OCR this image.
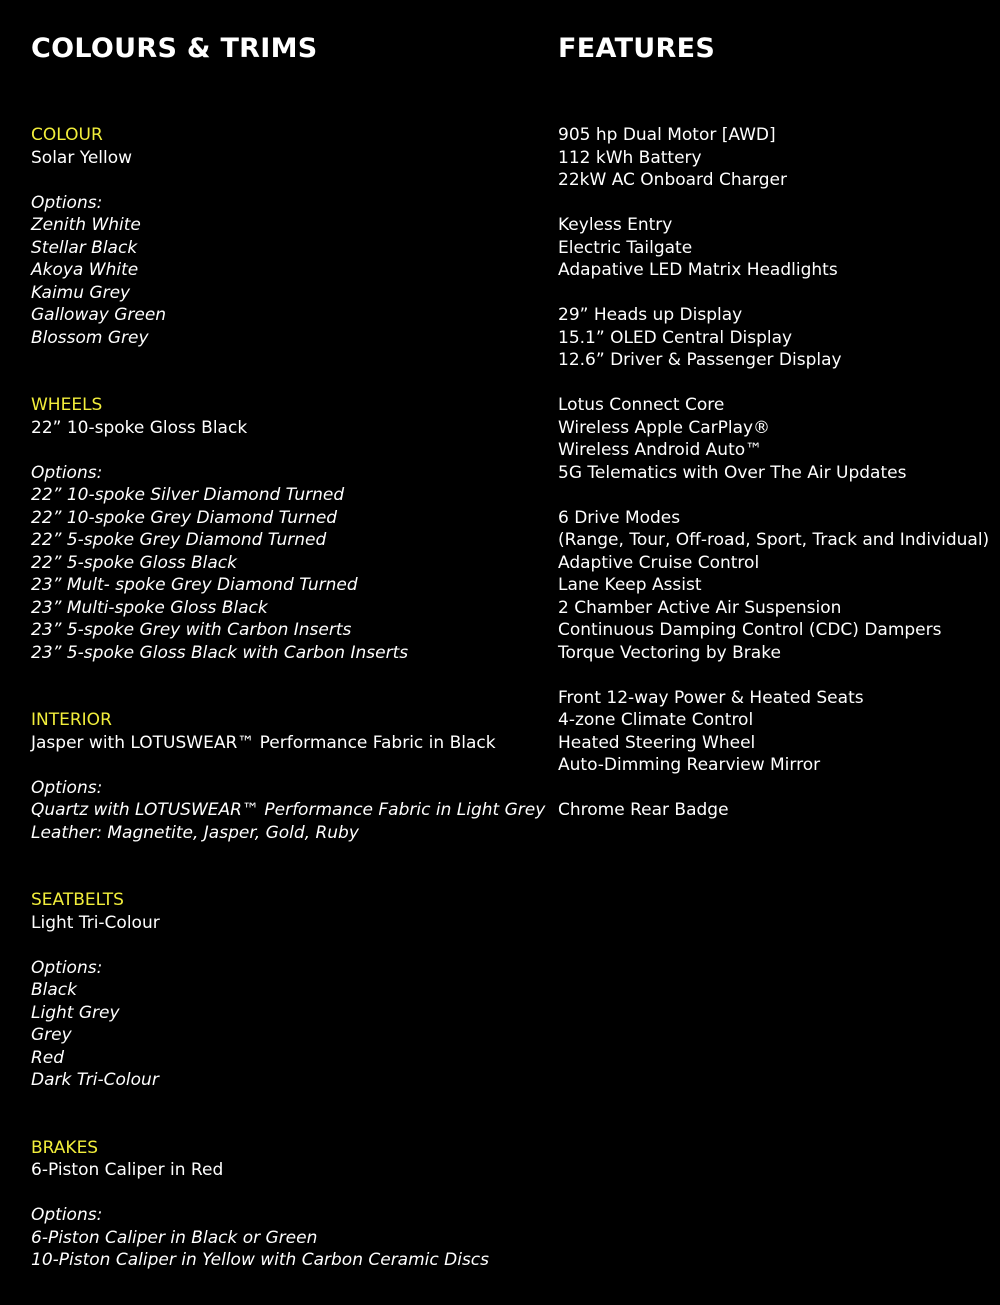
COLOURS & TRIMS
COLOUR
Solar Yellow
Options:
Zenith White
Stellar Black
Akoya White
Kaimu Grey
Galloway Green
Blossom Grey
WHEELS
22” 10-spoke Gloss Black
Options:
22” 10-spoke Silver Diamond Turned
22” 10-spoke Grey Diamond Turned
22” 5-spoke Grey Diamond Turned
22” 5-spoke Gloss Black
23” Mult- spoke Grey Diamond Turned
23” Multi-spoke Gloss Black
23” 5-spoke Grey with Carbon Inserts
23” 5-spoke Gloss Black with Carbon Inserts
INTERIOR
Jasper with LOTUSWEAR™ Performance Fabric in Black
Options:
Quartz with LOTUSWEAR™ Performance Fabric in Light Grey
Leather: Magnetite, Jasper, Gold, Ruby
SEATBELTS
Light Tri-Colour
Options:
Black
Light Grey
Grey
Red
Dark Tri-Colour
BRAKES
6-Piston Caliper in Red
Options:
6-Piston Caliper in Black or Green
10-Piston Caliper in Yellow with Carbon Ceramic Discs
FEATURES
905 hp Dual Motor [AWD]
112 kWh Battery
22kW AC Onboard Charger
Keyless Entry
Electric Tailgate
Adapative LED Matrix Headlights
29” Heads up Display
15.1” OLED Central Display
12.6” Driver & Passenger Display
Lotus Connect Core
Wireless Apple CarPlay®
Wireless Android Auto™
5G Telematics with Over The Air Updates
6 Drive Modes
(Range, Tour, Off-road, Sport, Track and Individual)
Adaptive Cruise Control
Lane Keep Assist
2 Chamber Active Air Suspension
Continuous Damping Control (CDC) Dampers
Torque Vectoring by Brake
Front 12-way Power & Heated Seats
4-zone Climate Control
Heated Steering Wheel
Auto-Dimming Rearview Mirror
Chrome Rear Badge
